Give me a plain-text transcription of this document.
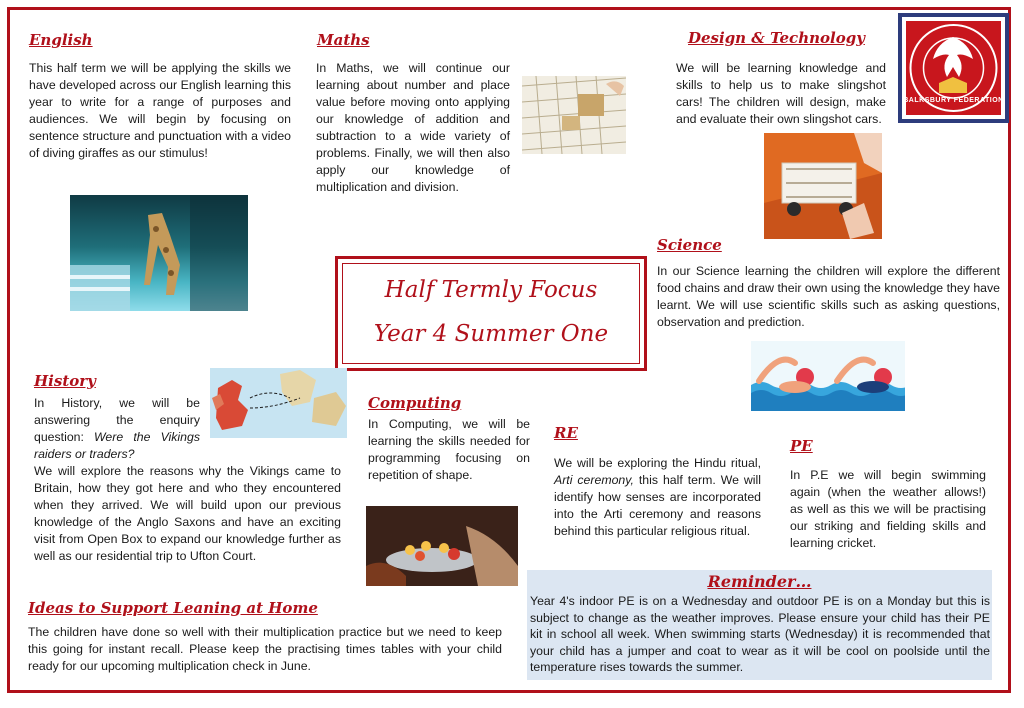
English
This half term we will be applying the skills we have developed across our English learning this year to write for a range of purposes and audiences. We will begin by focusing on sentence structure and punctuation with a video of diving giraffes as our stimulus!
Maths
In Maths, we will continue our learning about number and place value before moving onto applying our knowledge of addition and subtraction to a wide variety of problems. Finally, we will then also apply our knowledge of multiplication and division.
Design & Technology
We will be learning knowledge and skills to help us to make slingshot cars! The children will design, make and evaluate their own slingshot cars.
BALKSBURY FEDERATION
Science
In our Science learning the children will explore the different food chains and draw their own using the knowledge they have learnt. We will use scientific skills such as asking questions, observation and prediction.
Half Termly Focus
Year 4 Summer One
History
In History, we will be answering the enquiry question: Were the Vikings raiders or traders?
We will explore the reasons why the Vikings came to Britain, how they got here and who they encountered when they arrived. We will build upon our previous knowledge of the Anglo Saxons and have an exciting visit from Open Box to expand our knowledge further as well as our residential trip to Ufton Court.
Computing
In Computing, we will be learning the skills needed for programming focusing on repetition of shape.
RE
We will be exploring the Hindu ritual, Arti ceremony, this half term. We will identify how senses are incorporated into the Arti ceremony and reasons behind this particular religious ritual.
PE
In P.E we will begin swimming again (when the weather allows!) as well as this we will be practising our striking and fielding skills and learning cricket.
Ideas to Support Leaning at Home
The children have done so well with their multiplication practice but we need to keep this going for instant recall. Please keep the practising times tables with your child ready for our upcoming multiplication check in June.
Reminder…
Year 4's indoor PE is on a Wednesday and outdoor PE is on a Monday but this is subject to change as the weather improves. Please ensure your child has their PE kit in school all week. When swimming starts (Wednesday) it is recommended that your child has a jumper and coat to wear as it will be cool on poolside until the temperature rises towards the summer.
